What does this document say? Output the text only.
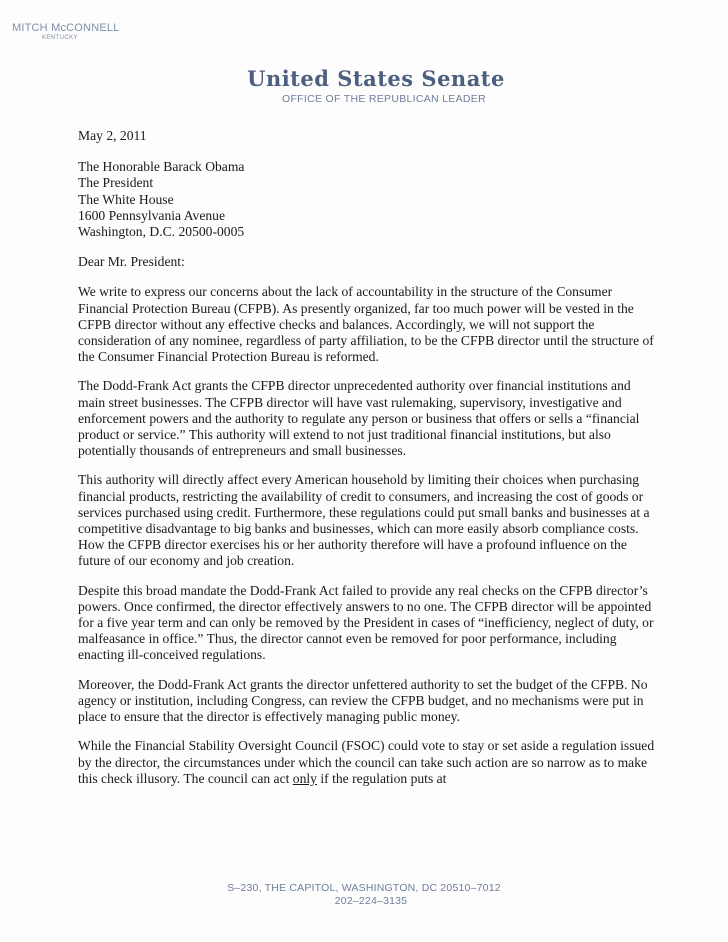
MITCH McCONNELL
KENTUCKY
United States Senate
OFFICE OF THE REPUBLICAN LEADER
May 2, 2011
The Honorable Barack Obama
The President
The White House
1600 Pennsylvania Avenue
Washington, D.C. 20500-0005
Dear Mr. President:

We write to express our concerns about the lack of accountability in the structure of the Consumer Financial Protection Bureau (CFPB). As presently organized, far too much power will be vested in the CFPB director without any effective checks and balances. Accordingly, we will not support the consideration of any nominee, regardless of party affiliation, to be the CFPB director until the structure of the Consumer Financial Protection Bureau is reformed.

The Dodd-Frank Act grants the CFPB director unprecedented authority over financial institutions and main street businesses. The CFPB director will have vast rulemaking, supervisory, investigative and enforcement powers and the authority to regulate any person or business that offers or sells a “financial product or service.” This authority will extend to not just traditional financial institutions, but also potentially thousands of entrepreneurs and small businesses.

This authority will directly affect every American household by limiting their choices when purchasing financial products, restricting the availability of credit to consumers, and increasing the cost of goods or services purchased using credit. Furthermore, these regulations could put small banks and businesses at a competitive disadvantage to big banks and businesses, which can more easily absorb compliance costs. How the CFPB director exercises his or her authority therefore will have a profound influence on the future of our economy and job creation.

Despite this broad mandate the Dodd-Frank Act failed to provide any real checks on the CFPB director’s powers. Once confirmed, the director effectively answers to no one. The CFPB director will be appointed for a five year term and can only be removed by the President in cases of “inefficiency, neglect of duty, or malfeasance in office.” Thus, the director cannot even be removed for poor performance, including enacting ill-conceived regulations.

Moreover, the Dodd-Frank Act grants the director unfettered authority to set the budget of the CFPB. No agency or institution, including Congress, can review the CFPB budget, and no mechanisms were put in place to ensure that the director is effectively managing public money.

While the Financial Stability Oversight Council (FSOC) could vote to stay or set aside a regulation issued by the director, the circumstances under which the council can take such action are so narrow as to make this check illusory. The council can act only if the regulation puts at

S–230, THE CAPITOL, WASHINGTON, DC 20510–7012
202–224–3135
